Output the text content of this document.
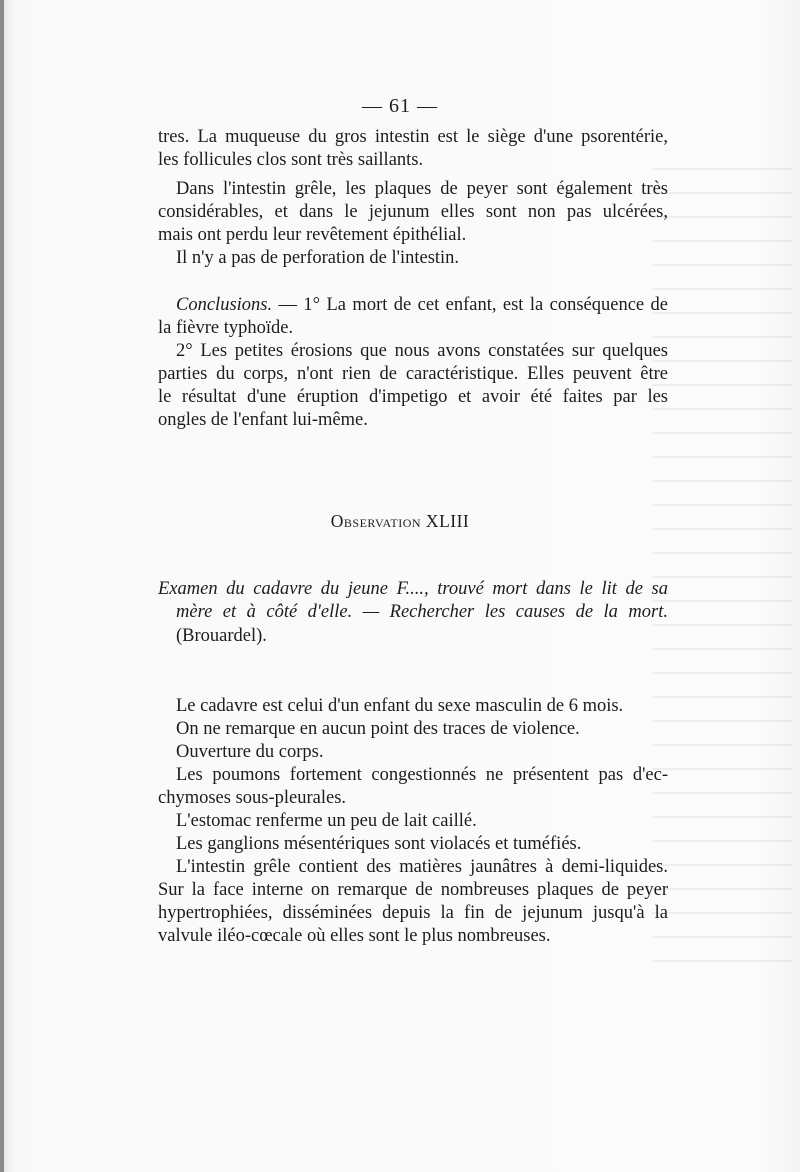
— 61 —
tres. La muqueuse du gros intestin est le siège d'une psorentérie,
les follicules clos sont très saillants.
Dans l'intestin grêle, les plaques de peyer sont également très
considérables, et dans le jejunum elles sont non pas ulcérées,
mais ont perdu leur revêtement épithélial.
Il n'y a pas de perforation de l'intestin.
Conclusions. — 1° La mort de cet enfant, est la conséquence de
la fièvre typhoïde.
2° Les petites érosions que nous avons constatées sur quelques
parties du corps, n'ont rien de caractéristique. Elles peuvent être
le résultat d'une éruption d'impetigo et avoir été faites par les
ongles de l'enfant lui-même.
Observation XLIII
Examen du cadavre du jeune F...., trouvé mort dans le lit de sa
mère et à côté d'elle. — Rechercher les causes de la mort.
(Brouardel).
Le cadavre est celui d'un enfant du sexe masculin de 6 mois.
On ne remarque en aucun point des traces de violence.
Ouverture du corps.
Les poumons fortement congestionnés ne présentent pas d'ec-
chymoses sous-pleurales.
L'estomac renferme un peu de lait caillé.
Les ganglions mésentériques sont violacés et tuméfiés.
L'intestin grêle contient des matières jaunâtres à demi-liquides.
Sur la face interne on remarque de nombreuses plaques de peyer
hypertrophiées, disséminées depuis la fin de jejunum jusqu'à la
valvule iléo-cœcale où elles sont le plus nombreuses.
